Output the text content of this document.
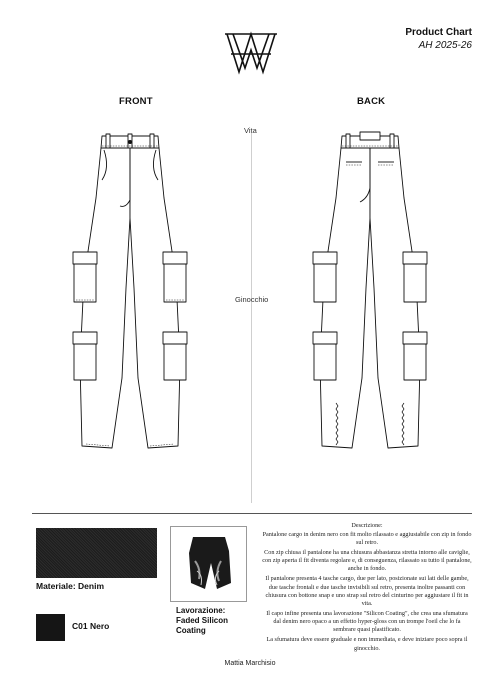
Product Chart
AH 2025-26
FRONT	BACK
Vita
Ginocchio
Materiale: Denim
C01 Nero
Lavorazione:
Faded Silicon
Coating

Descrizione:

Pantalone cargo in denim nero con fit molto rilassato e aggiustabile con zip in fondo sul retro.

Con zip chiusa il pantalone ha una chiusura abbastanza stretta intorno alle caviglie, con zip aperta il fit diventa regolare e, di conseguenza, rilassato su tutto il pantalone, anche in fondo.

Il pantalone presenta 4 tasche cargo, due per lato, posizionate sui lati delle gambe, due tasche frontali e due tasche invisibili sul retro, presenta inoltre passanti con chiusura con bottone snap e uno strap sul retro del cinturino per aggiustare il fit in vita.

Il capo infine presenta una lavorazione "Silicon Coating", che crea una sfumatura dal denim nero opaco a un effetto hyper-gloss con un trompe l'oeil che lo fa sembrare quasi plastificato.

La sfumatura deve essere graduale e non immediata, e deve iniziare poco sopra il ginocchio.

Mattia Marchisio
